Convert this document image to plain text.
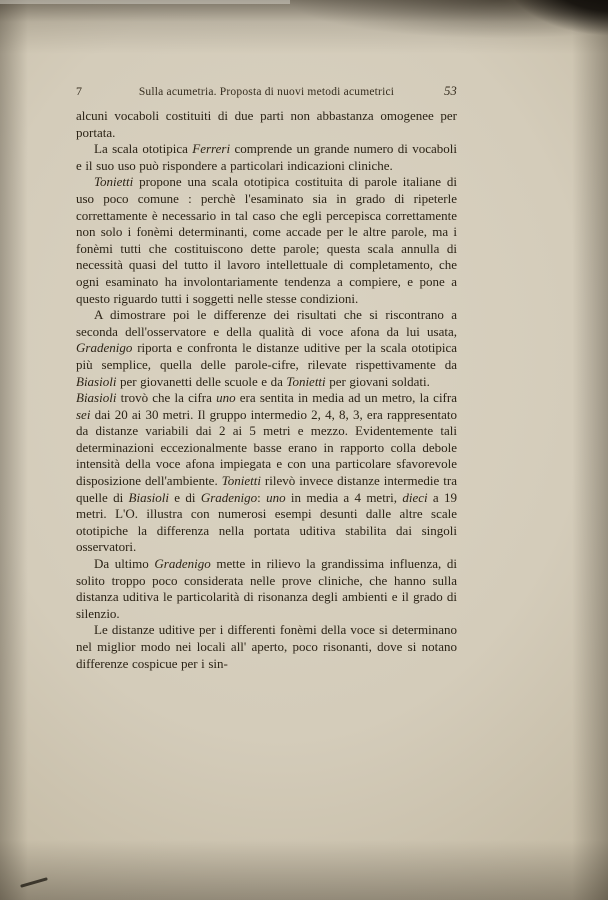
7	Sulla acumetria. Proposta di nuovi metodi acumetrici	53

alcuni vocaboli costituiti di due parti non abbastanza omogenee per portata.

La scala ototipica Ferreri comprende un grande numero di vocaboli e il suo uso può rispondere a particolari indicazioni cliniche.

Tonietti propone una scala ototipica costituita di parole italiane di uso poco comune : perchè l'esaminato sia in grado di ripeterle correttamente è necessario in tal caso che egli percepisca correttamente non solo i fonèmi determinanti, come accade per le altre parole, ma i fonèmi tutti che costituiscono dette parole; questa scala annulla di necessità quasi del tutto il lavoro intellettuale di completamento, che ogni esaminato ha involontariamente tendenza a compiere, e pone a questo riguardo tutti i soggetti nelle stesse condizioni.

A dimostrare poi le differenze dei risultati che si riscontrano a seconda dell'osservatore e della qualità di voce afona da lui usata, Gradenigo riporta e confronta le distanze uditive per la scala ototipica più semplice, quella delle parole-cifre, rilevate rispettivamente da Biasioli per giovanetti delle scuole e da Tonietti per giovani soldati.

Biasioli trovò che la cifra uno era sentita in media ad un metro, la cifra sei dai 20 ai 30 metri. Il gruppo intermedio 2, 4, 8, 3, era rappresentato da distanze variabili dai 2 ai 5 metri e mezzo. Evidentemente tali determinazioni eccezionalmente basse erano in rapporto colla debole intensità della voce afona impiegata e con una particolare sfavorevole disposizione dell'ambiente. Tonietti rilevò invece distanze intermedie tra quelle di Biasioli e di Gradenigo: uno in media a 4 metri, dieci a 19 metri. L'O. illustra con numerosi esempi desunti dalle altre scale ototipiche la differenza nella portata uditiva stabilita dai singoli osservatori.

Da ultimo Gradenigo mette in rilievo la grandissima influenza, di solito troppo poco considerata nelle prove cliniche, che hanno sulla distanza uditiva le particolarità di risonanza degli ambienti e il grado di silenzio.

Le distanze uditive per i differenti fonèmi della voce si determinano nel miglior modo nei locali all' aperto, poco risonanti, dove si notano differenze cospicue per i sin-
